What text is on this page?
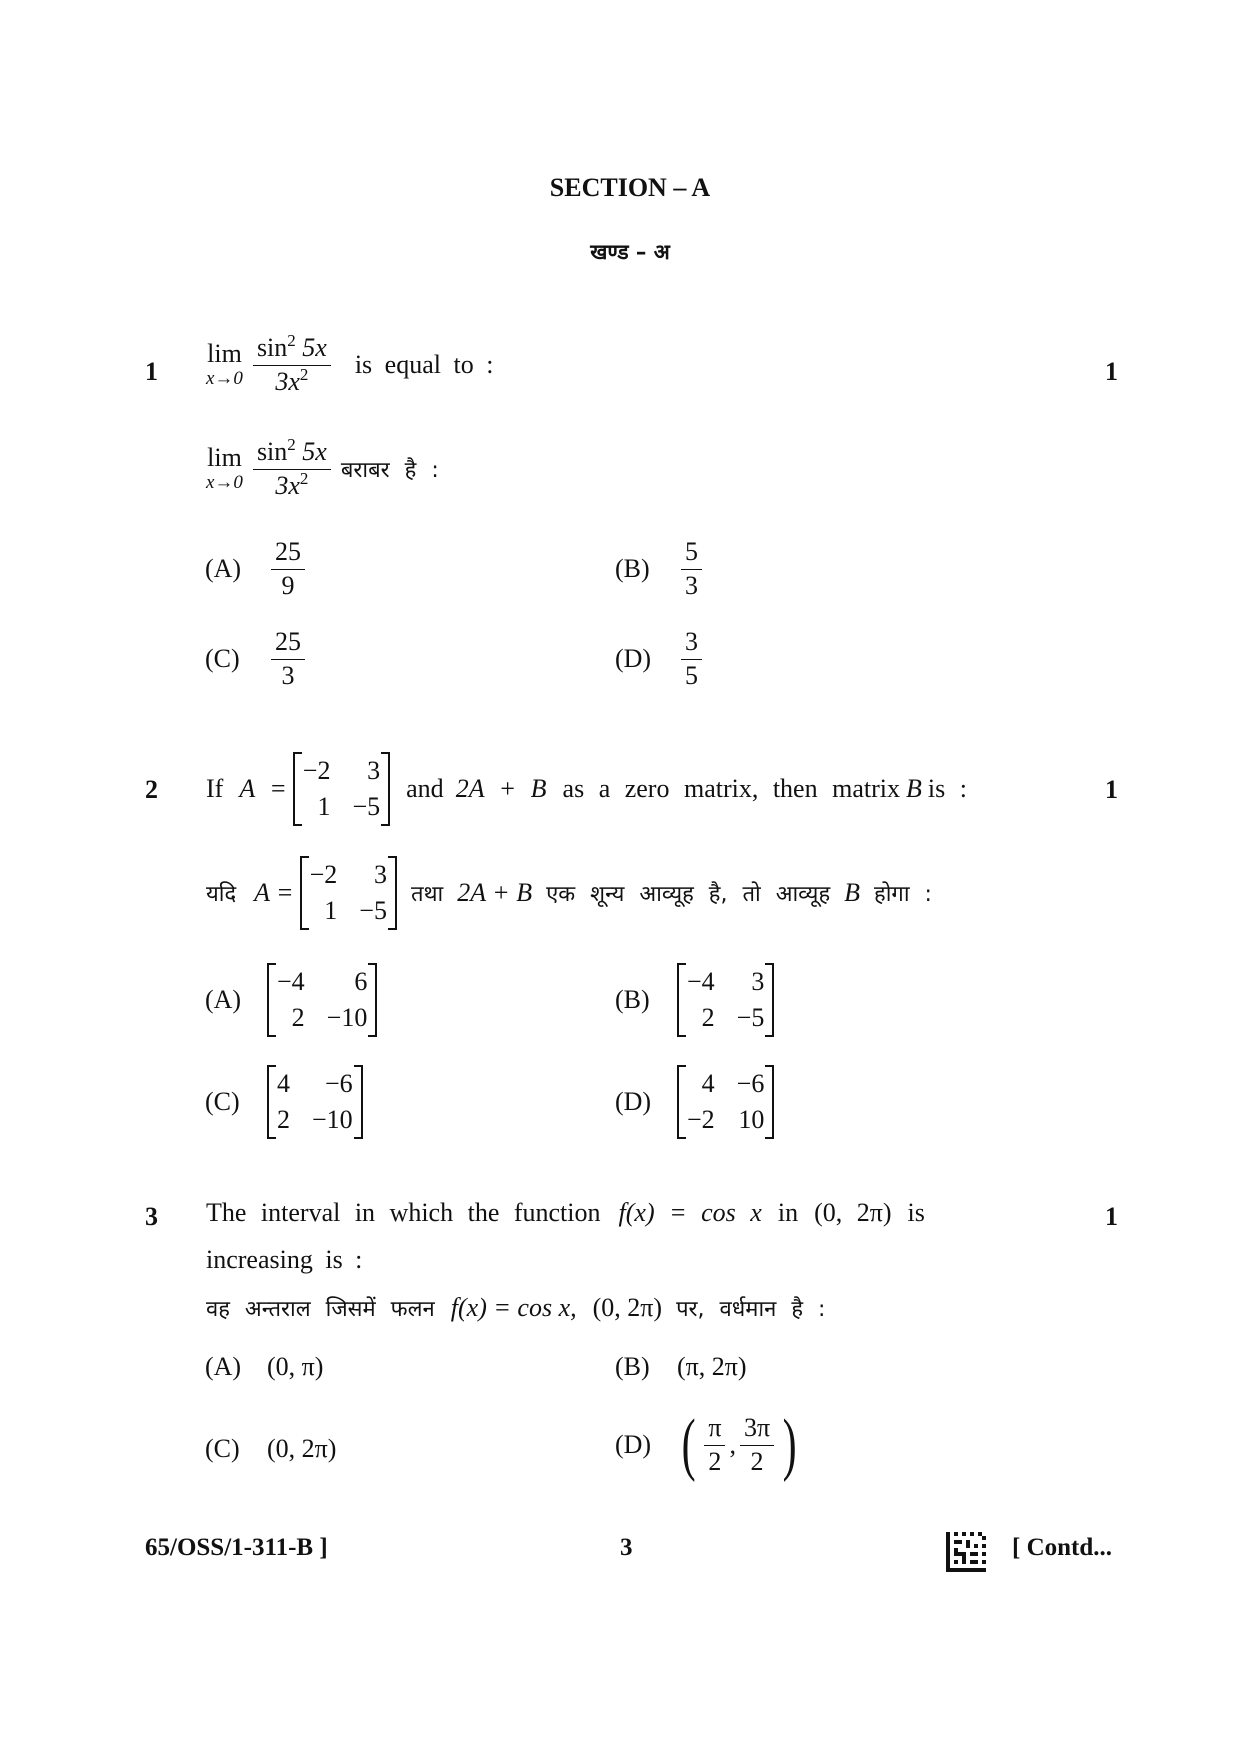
SECTION – A
खण्ड – अ
1	1
lim
$x\to 0 \frac{\sin^2 5x}{3x^2}$ is equal to :
lim
$x\to 0 \frac{\sin^2 5x}{3x^2}$ बराबर है :
(A)	$\frac{25}{9}$	(B)	$\frac{5}{3}$
(C)	$\frac{25}{3}$	(D)	$\frac{3}{5}$
2	1
If A =
−2	3
1 −5
and 2A + B as a zero matrix, then matrix B is :
यदि A =
−2	3
1 −5
तथा 2A + B एक शून्य आव्यूह है, तो आव्यूह B होगा :
(A)
−4	6
2 −10
(B)
−4	3
2 −5
(C)
4	−6
2 −10
(D)
4 −6
−2 10
3	1
The interval in which the function f(x) = cos x in (0, 2π) is
increasing is :
वह अन्तराल जिसमें फलन f(x) = cos x, (0, 2π) पर, वर्धमान है :
(A) (0, π)	(B)	(π, 2π)
(C)	(0, 2π)	(D) ( $\frac{\pi}{2}$ , $\frac{3\pi}{2}$ )
65/OSS/1-311-B ]	3	[ Contd...
